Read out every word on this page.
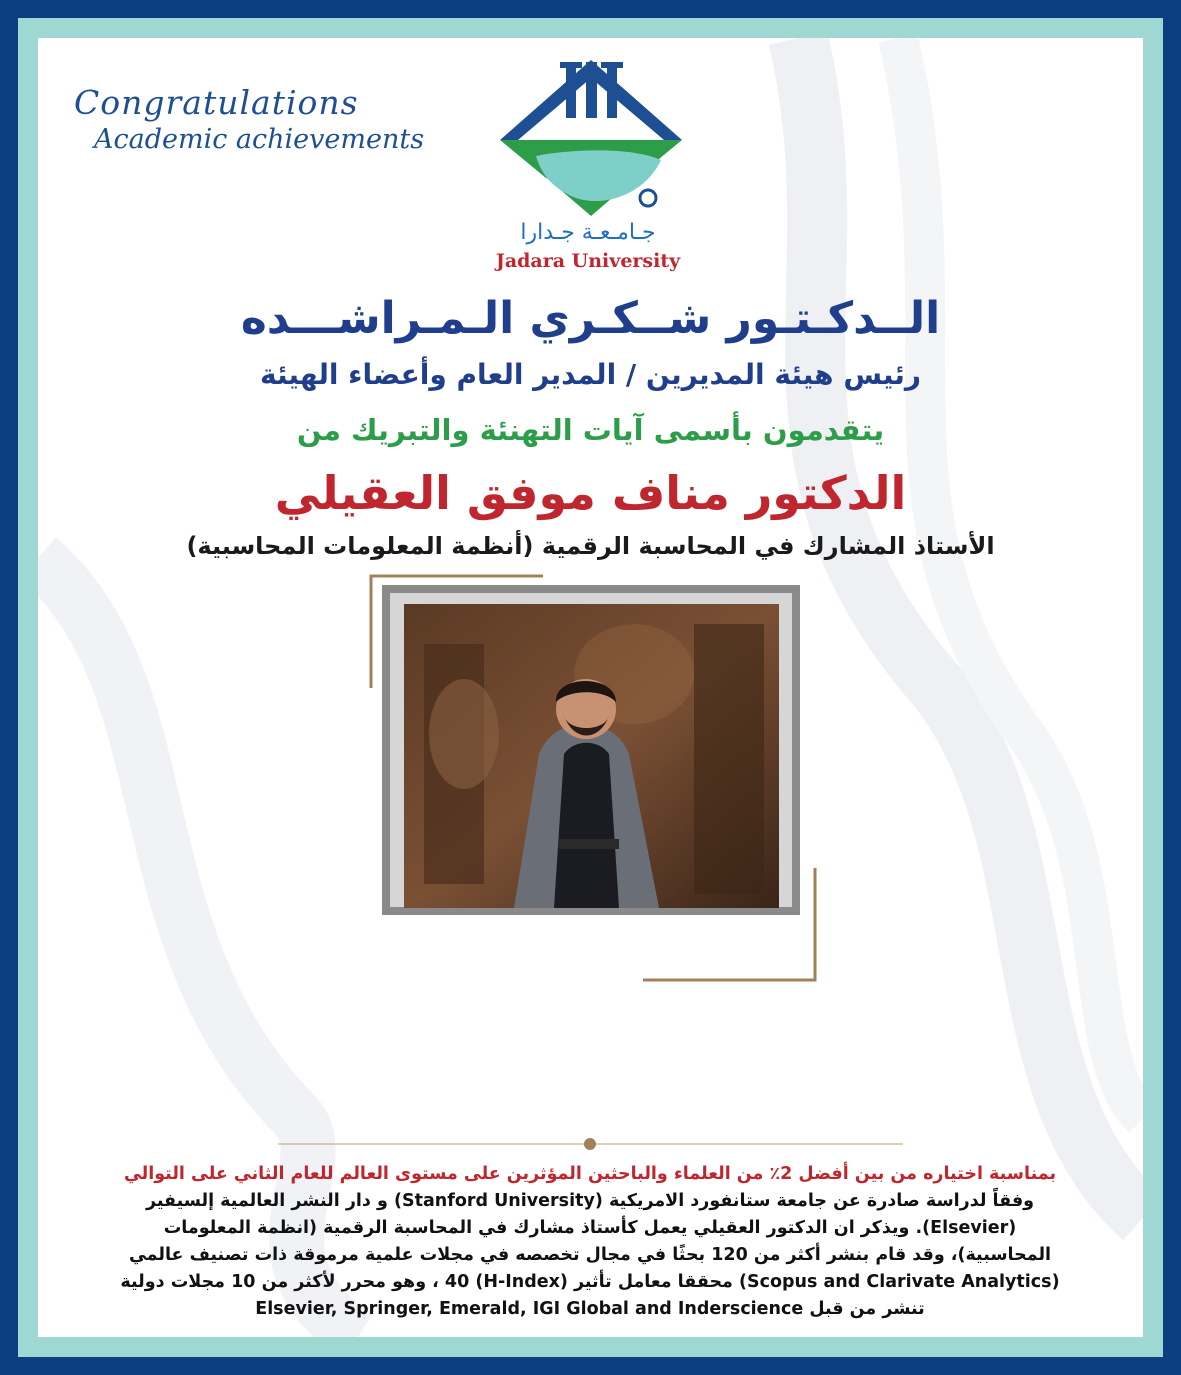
Congratulations
Academic achievements
جـامـعـة جـدارا
Jadara University
الــدكـتـور شــكـري الـمـراشـــده
رئيس هيئة المديرين / المدير العام وأعضاء الهيئة
يتقدمون بأسمى آيات التهنئة والتبريك من
الدكتور مناف موفق العقيلي
الأستاذ المشارك في المحاسبة الرقمية (أنظمة المعلومات المحاسبية)
بمناسبة اختياره من بين أفضل 2٪ من العلماء والباحثين المؤثرين على مستوى العالم للعام الثاني على التوالي
وفقاً لدراسة صادرة عن جامعة ستانفورد الامريكية (Stanford University) و دار النشر العالمية إلسيفير
(Elsevier). ويذكر ان الدكتور العقيلي يعمل كأستاذ مشارك في المحاسبة الرقمية (انظمة المعلومات
المحاسبية)، وقد قام بنشر أكثر من 120 بحثًا في مجال تخصصه في مجلات علمية مرموقة ذات تصنيف عالمي
(Scopus and Clarivate Analytics) محققا معامل تأثير (H-Index) 40 ، وهو محرر لأكثر من 10 مجلات دولية
تنشر من قبل Elsevier, Springer, Emerald, IGI Global and Inderscience
